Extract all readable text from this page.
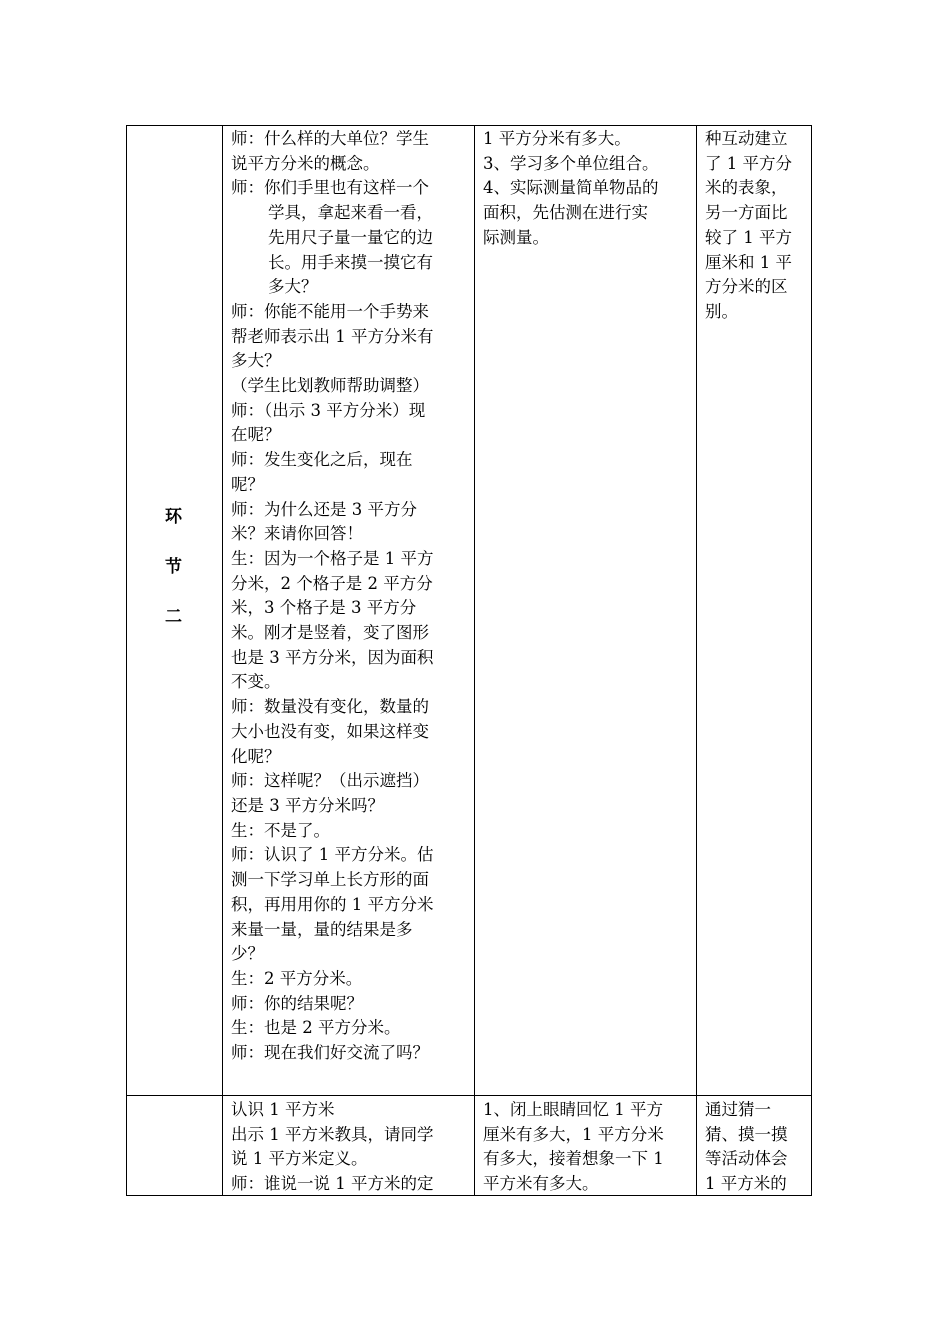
环
节
二
师：什么样的大单位？学生
说平方分米的概念。
师：你们手里也有这样一个
学具，拿起来看一看，
先用尺子量一量它的边
长。用手来摸一摸它有
多大？
师：你能不能用一个手势来
帮老师表示出 1 平方分米有
多大？
（学生比划教师帮助调整）
师：（出示 3 平方分米）现
在呢？
师：发生变化之后，现在
呢？
师：为什么还是 3 平方分
米？来请你回答！
生：因为一个格子是 1 平方
分米，2 个格子是 2 平方分
米，3 个格子是 3 平方分
米。刚才是竖着，变了图形
也是 3 平方分米，因为面积
不变。
师：数量没有变化，数量的
大小也没有变，如果这样变
化呢？
师：这样呢？（出示遮挡）
还是 3 平方分米吗？
生：不是了。
师：认识了 1 平方分米。估
测一下学习单上长方形的面
积，再用用你的 1 平方分米
来量一量，量的结果是多
少？
生：2 平方分米。
师：你的结果呢？
生：也是 2 平方分米。
师：现在我们好交流了吗？
1 平方分米有多大。
3、学习多个单位组合。
4、实际测量简单物品的
面积，先估测在进行实
际测量。
种互动建立
了 1 平方分
米的表象，
另一方面比
较了 1 平方
厘米和 1 平
方分米的区
别。
认识 1 平方米
出示 1 平方米教具，请同学
说 1 平方米定义。
师：谁说一说 1 平方米的定
1、闭上眼睛回忆 1 平方
厘米有多大，1 平方分米
有多大，接着想象一下 1
平方米有多大。
通过猜一
猜、摸一摸
等活动体会
1 平方米的
